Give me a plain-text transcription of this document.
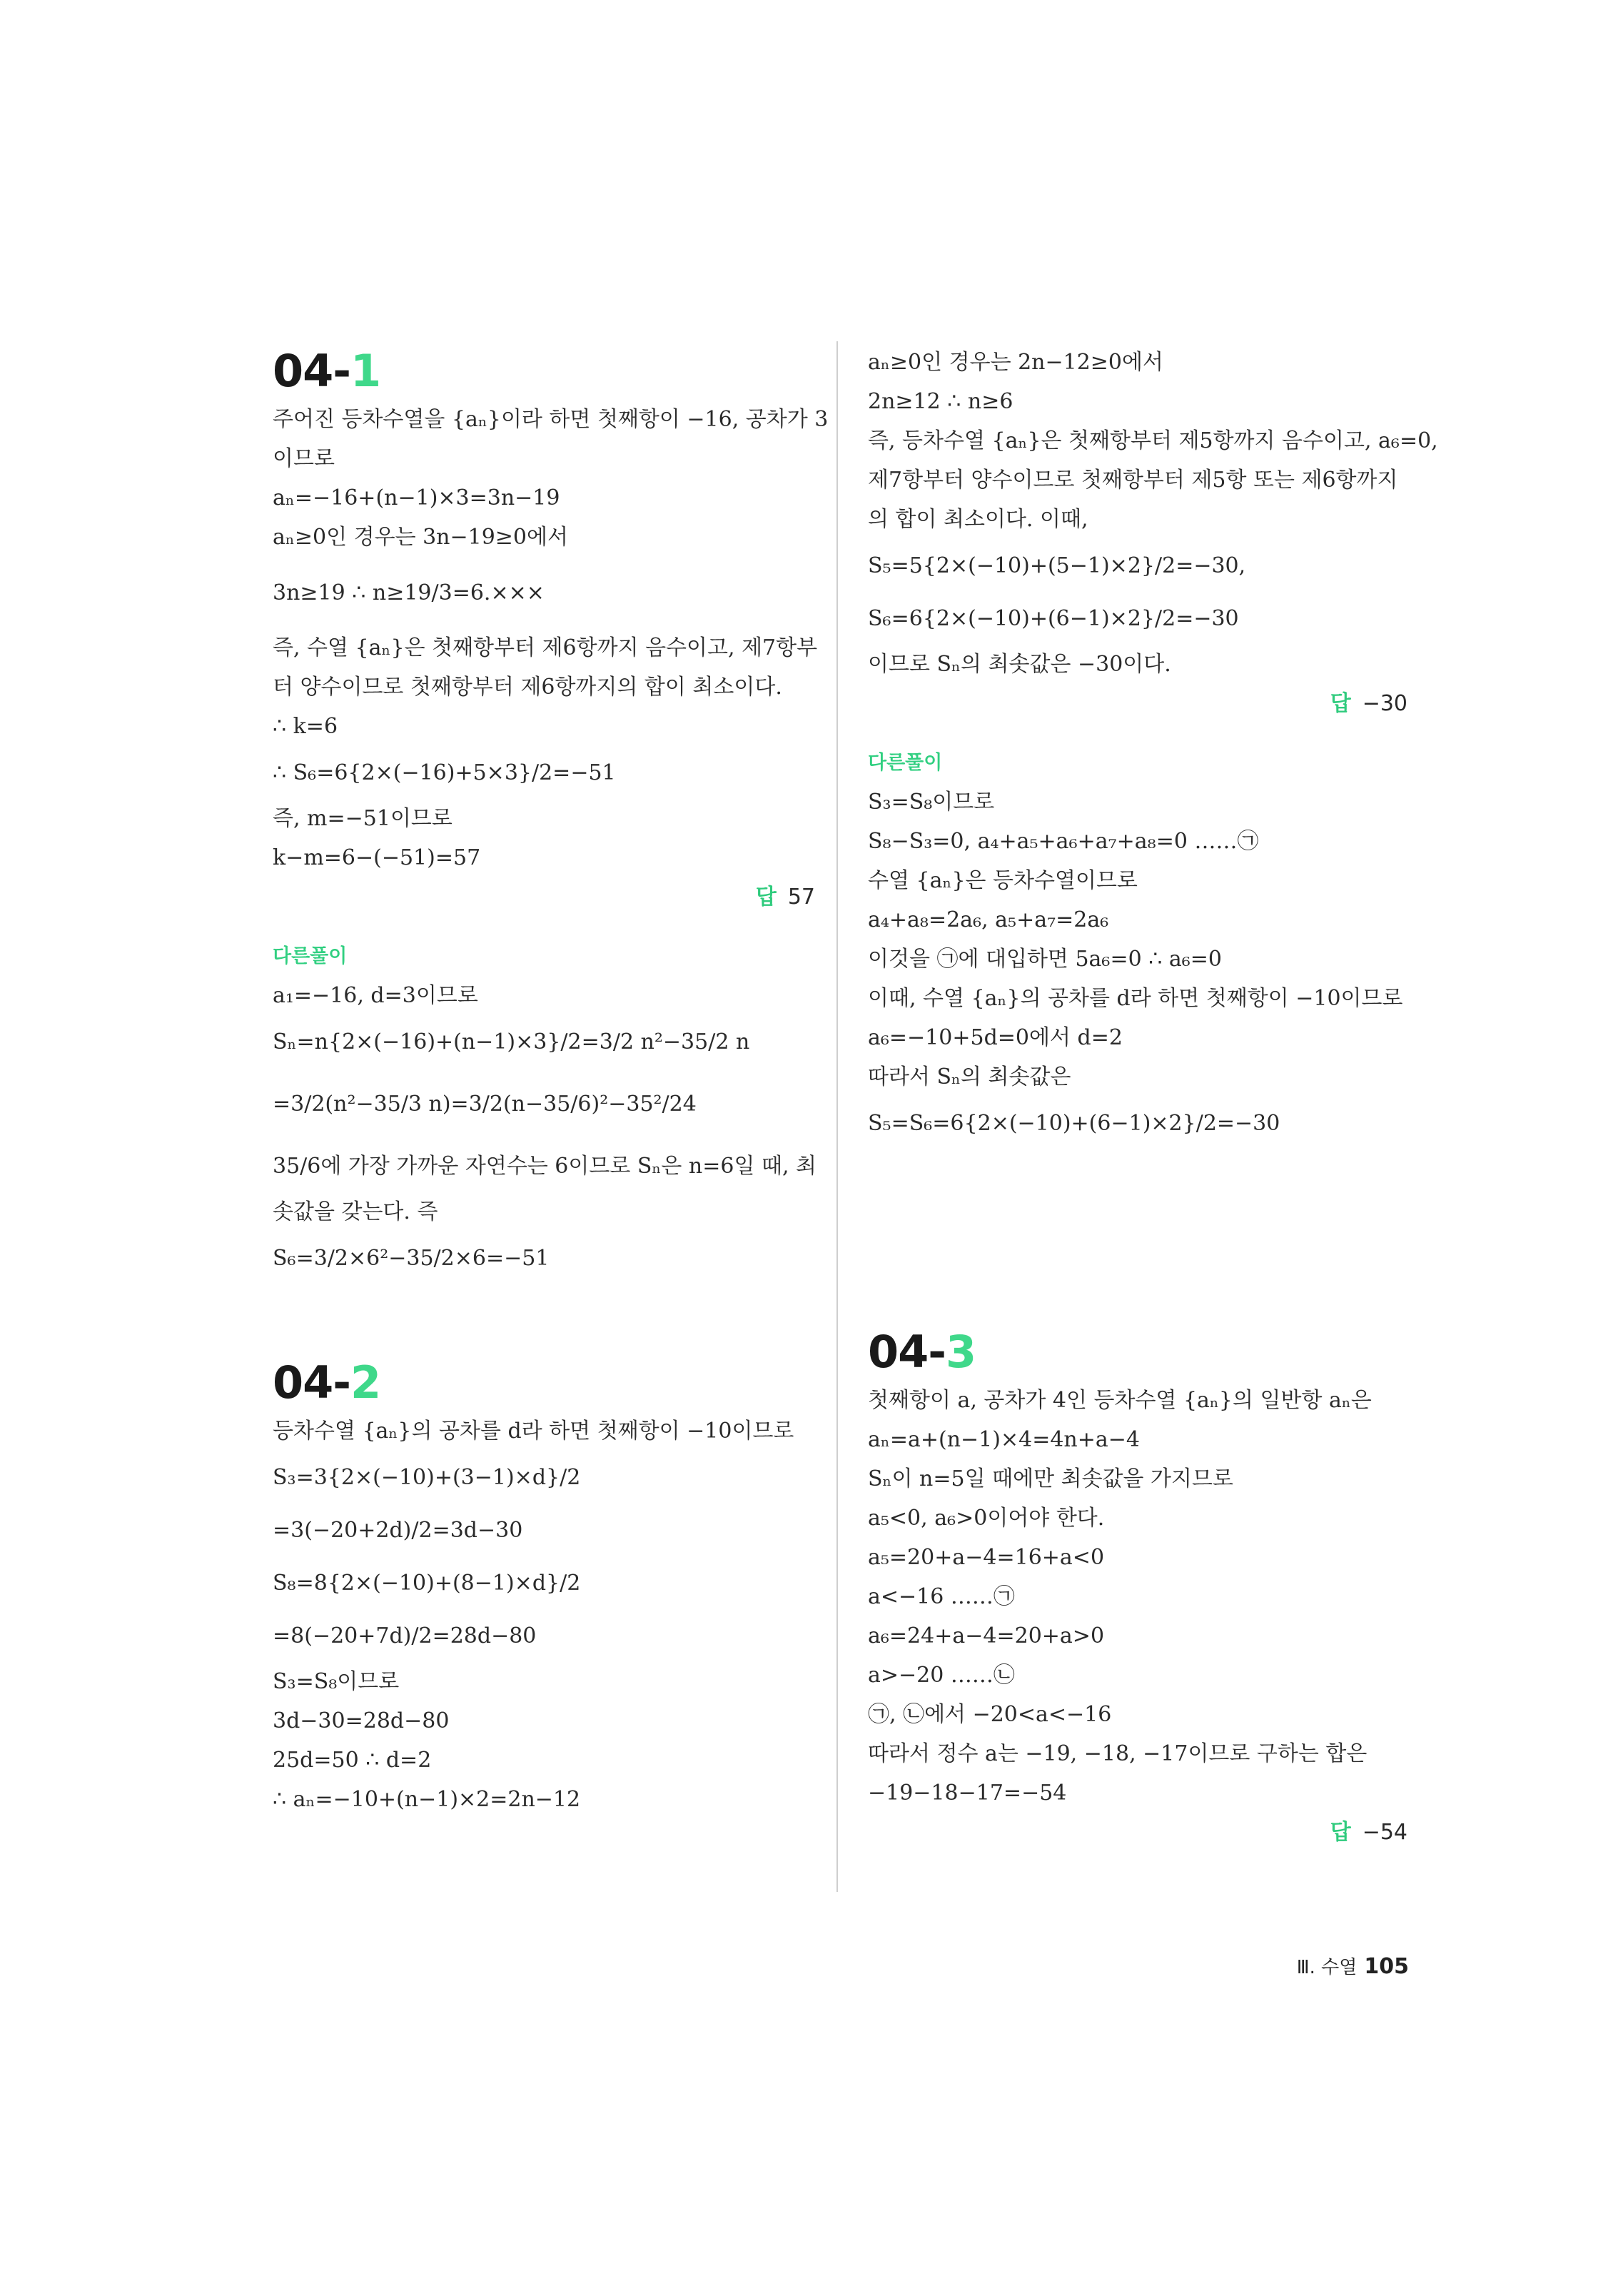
04-1
주어진 등차수열을 {aₙ}이라 하면 첫째항이 −16, 공차가 3
이므로
aₙ=−16+(n−1)×3=3n−19
aₙ≥0인 경우는 3n−19≥0에서
3n≥19 ∴ n≥19/3=6.×××
즉, 수열 {aₙ}은 첫째항부터 제6항까지 음수이고, 제7항부
터 양수이므로 첫째항부터 제6항까지의 합이 최소이다.
∴ k=6
∴ S₆=6{2×(−16)+5×3}/2=−51
즉, m=−51이므로
k−m=6−(−51)=57
답 57
다른풀이
a₁=−16, d=3이므로
Sₙ=n{2×(−16)+(n−1)×3}/2=3/2 n²−35/2 n
=3/2(n²−35/3 n)=3/2(n−35/6)²−35²/24
35/6에 가장 가까운 자연수는 6이므로 Sₙ은 n=6일 때, 최
솟값을 갖는다. 즉
S₆=3/2×6²−35/2×6=−51
04-2
등차수열 {aₙ}의 공차를 d라 하면 첫째항이 −10이므로
S₃=3{2×(−10)+(3−1)×d}/2
=3(−20+2d)/2=3d−30
S₈=8{2×(−10)+(8−1)×d}/2
=8(−20+7d)/2=28d−80
S₃=S₈이므로
3d−30=28d−80
25d=50 ∴ d=2
∴ aₙ=−10+(n−1)×2=2n−12
aₙ≥0인 경우는 2n−12≥0에서
2n≥12 ∴ n≥6
즉, 등차수열 {aₙ}은 첫째항부터 제5항까지 음수이고, a₆=0,
제7항부터 양수이므로 첫째항부터 제5항 또는 제6항까지
의 합이 최소이다. 이때,
S₅=5{2×(−10)+(5−1)×2}/2=−30,
S₆=6{2×(−10)+(6−1)×2}/2=−30
이므로 Sₙ의 최솟값은 −30이다.
답 −30
다른풀이
S₃=S₈이므로
S₈−S₃=0, a₄+a₅+a₆+a₇+a₈=0 ……㉠
수열 {aₙ}은 등차수열이므로
a₄+a₈=2a₆, a₅+a₇=2a₆
이것을 ㉠에 대입하면 5a₆=0 ∴ a₆=0
이때, 수열 {aₙ}의 공차를 d라 하면 첫째항이 −10이므로
a₆=−10+5d=0에서 d=2
따라서 Sₙ의 최솟값은
S₅=S₆=6{2×(−10)+(6−1)×2}/2=−30
04-3
첫째항이 a, 공차가 4인 등차수열 {aₙ}의 일반항 aₙ은
aₙ=a+(n−1)×4=4n+a−4
Sₙ이 n=5일 때에만 최솟값을 가지므로
a₅<0, a₆>0이어야 한다.
a₅=20+a−4=16+a<0
a<−16 ……㉠
a₆=24+a−4=20+a>0
a>−20 ……㉡
㉠, ㉡에서 −20<a<−16
따라서 정수 a는 −19, −18, −17이므로 구하는 합은
−19−18−17=−54
답 −54
Ⅲ. 수열 105
